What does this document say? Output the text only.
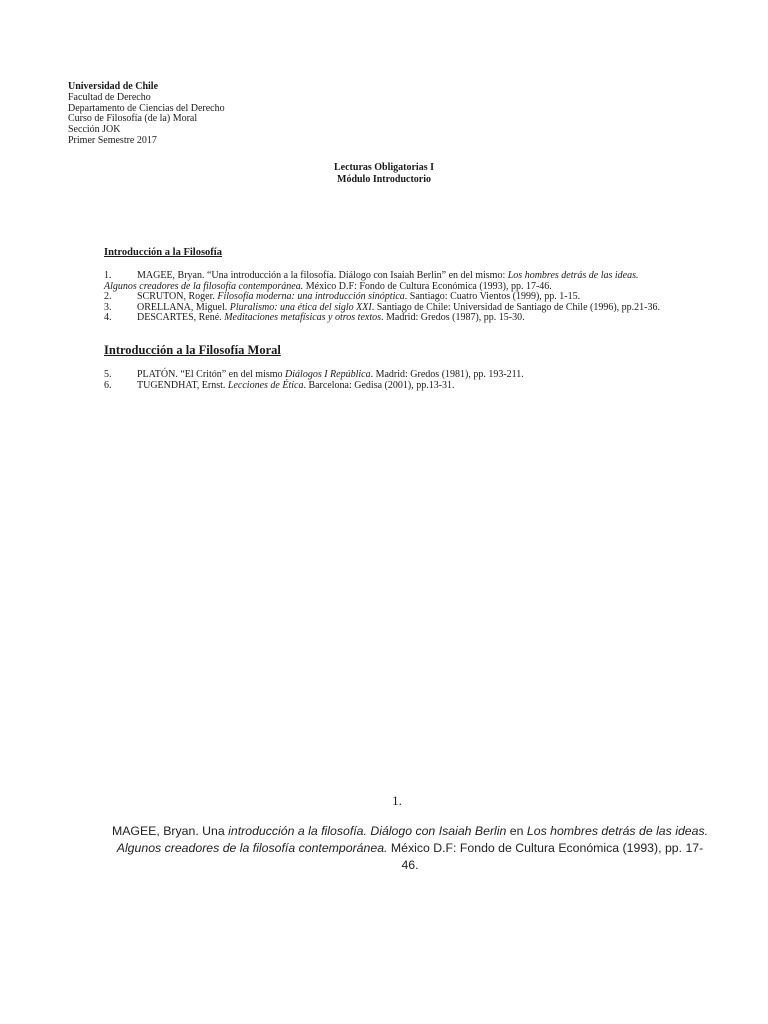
Universidad de Chile
Facultad de Derecho
Departamento de Ciencias del Derecho
Curso de Filosofía (de la) Moral
Sección JOK
Primer Semestre 2017
Lecturas Obligatorias I
Módulo Introductorio
Introducción a la Filosofía
1.	MAGEE, Bryan. “Una introducción a la filosofía. Diálogo con Isaiah Berlin” en del mismo: Los hombres detrás de las ideas.
Algunos creadores de la filosofía contemporánea. México D.F: Fondo de Cultura Económica (1993), pp. 17-46.
2.	SCRUTON, Roger. Filosofía moderna: una introducción sinóptica. Santiago: Cuatro Vientos (1999), pp. 1-15.
3.	ORELLANA, Miguel. Pluralismo: una ética del siglo XXI. Santiago de Chile: Universidad de Santiago de Chile (1996), pp.21-36.
4.	DESCARTES, René. Meditaciones metafísicas y otros textos. Madrid: Gredos (1987), pp. 15-30.
Introducción a la Filosofía Moral
5.	PLATÓN. “El Critón” en del mismo Diálogos I República. Madrid: Gredos (1981), pp. 193-211.
6.	TUGENDHAT, Ernst. Lecciones de Ética. Barcelona: Gedisa (2001), pp.13-31.
1.
MAGEE, Bryan. Una introducción a la filosofía. Diálogo con Isaiah Berlin en Los hombres detrás de las ideas. Algunos creadores de la filosofía contemporánea. México D.F: Fondo de Cultura Económica (1993), pp. 17-46.
